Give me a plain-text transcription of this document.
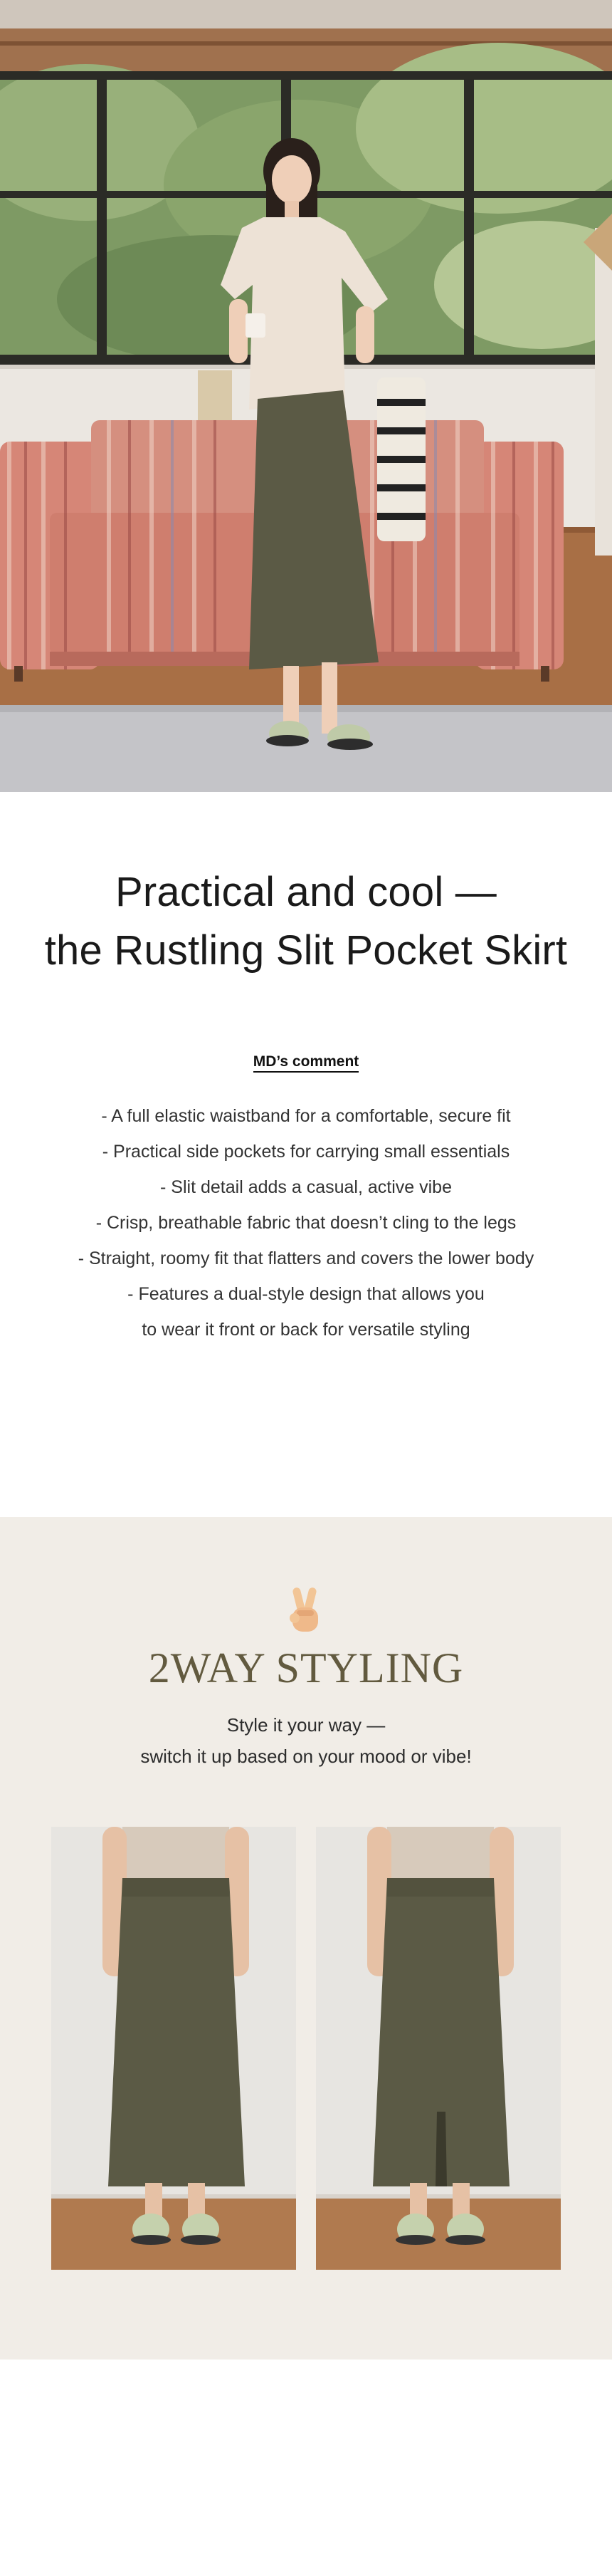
Practical and cool —
the Rustling Slit Pocket Skirt
MD’s comment
- A full elastic waistband for a comfortable, secure fit
- Practical side pockets for carrying small essentials
- Slit detail adds a casual, active vibe
- Crisp, breathable fabric that doesn’t cling to the legs
- Straight, roomy fit that flatters and covers the lower body
- Features a dual-style design that allows you
to wear it front or back for versatile styling
2WAY STYLING
Style it your way —
switch it up based on your mood or vibe!
